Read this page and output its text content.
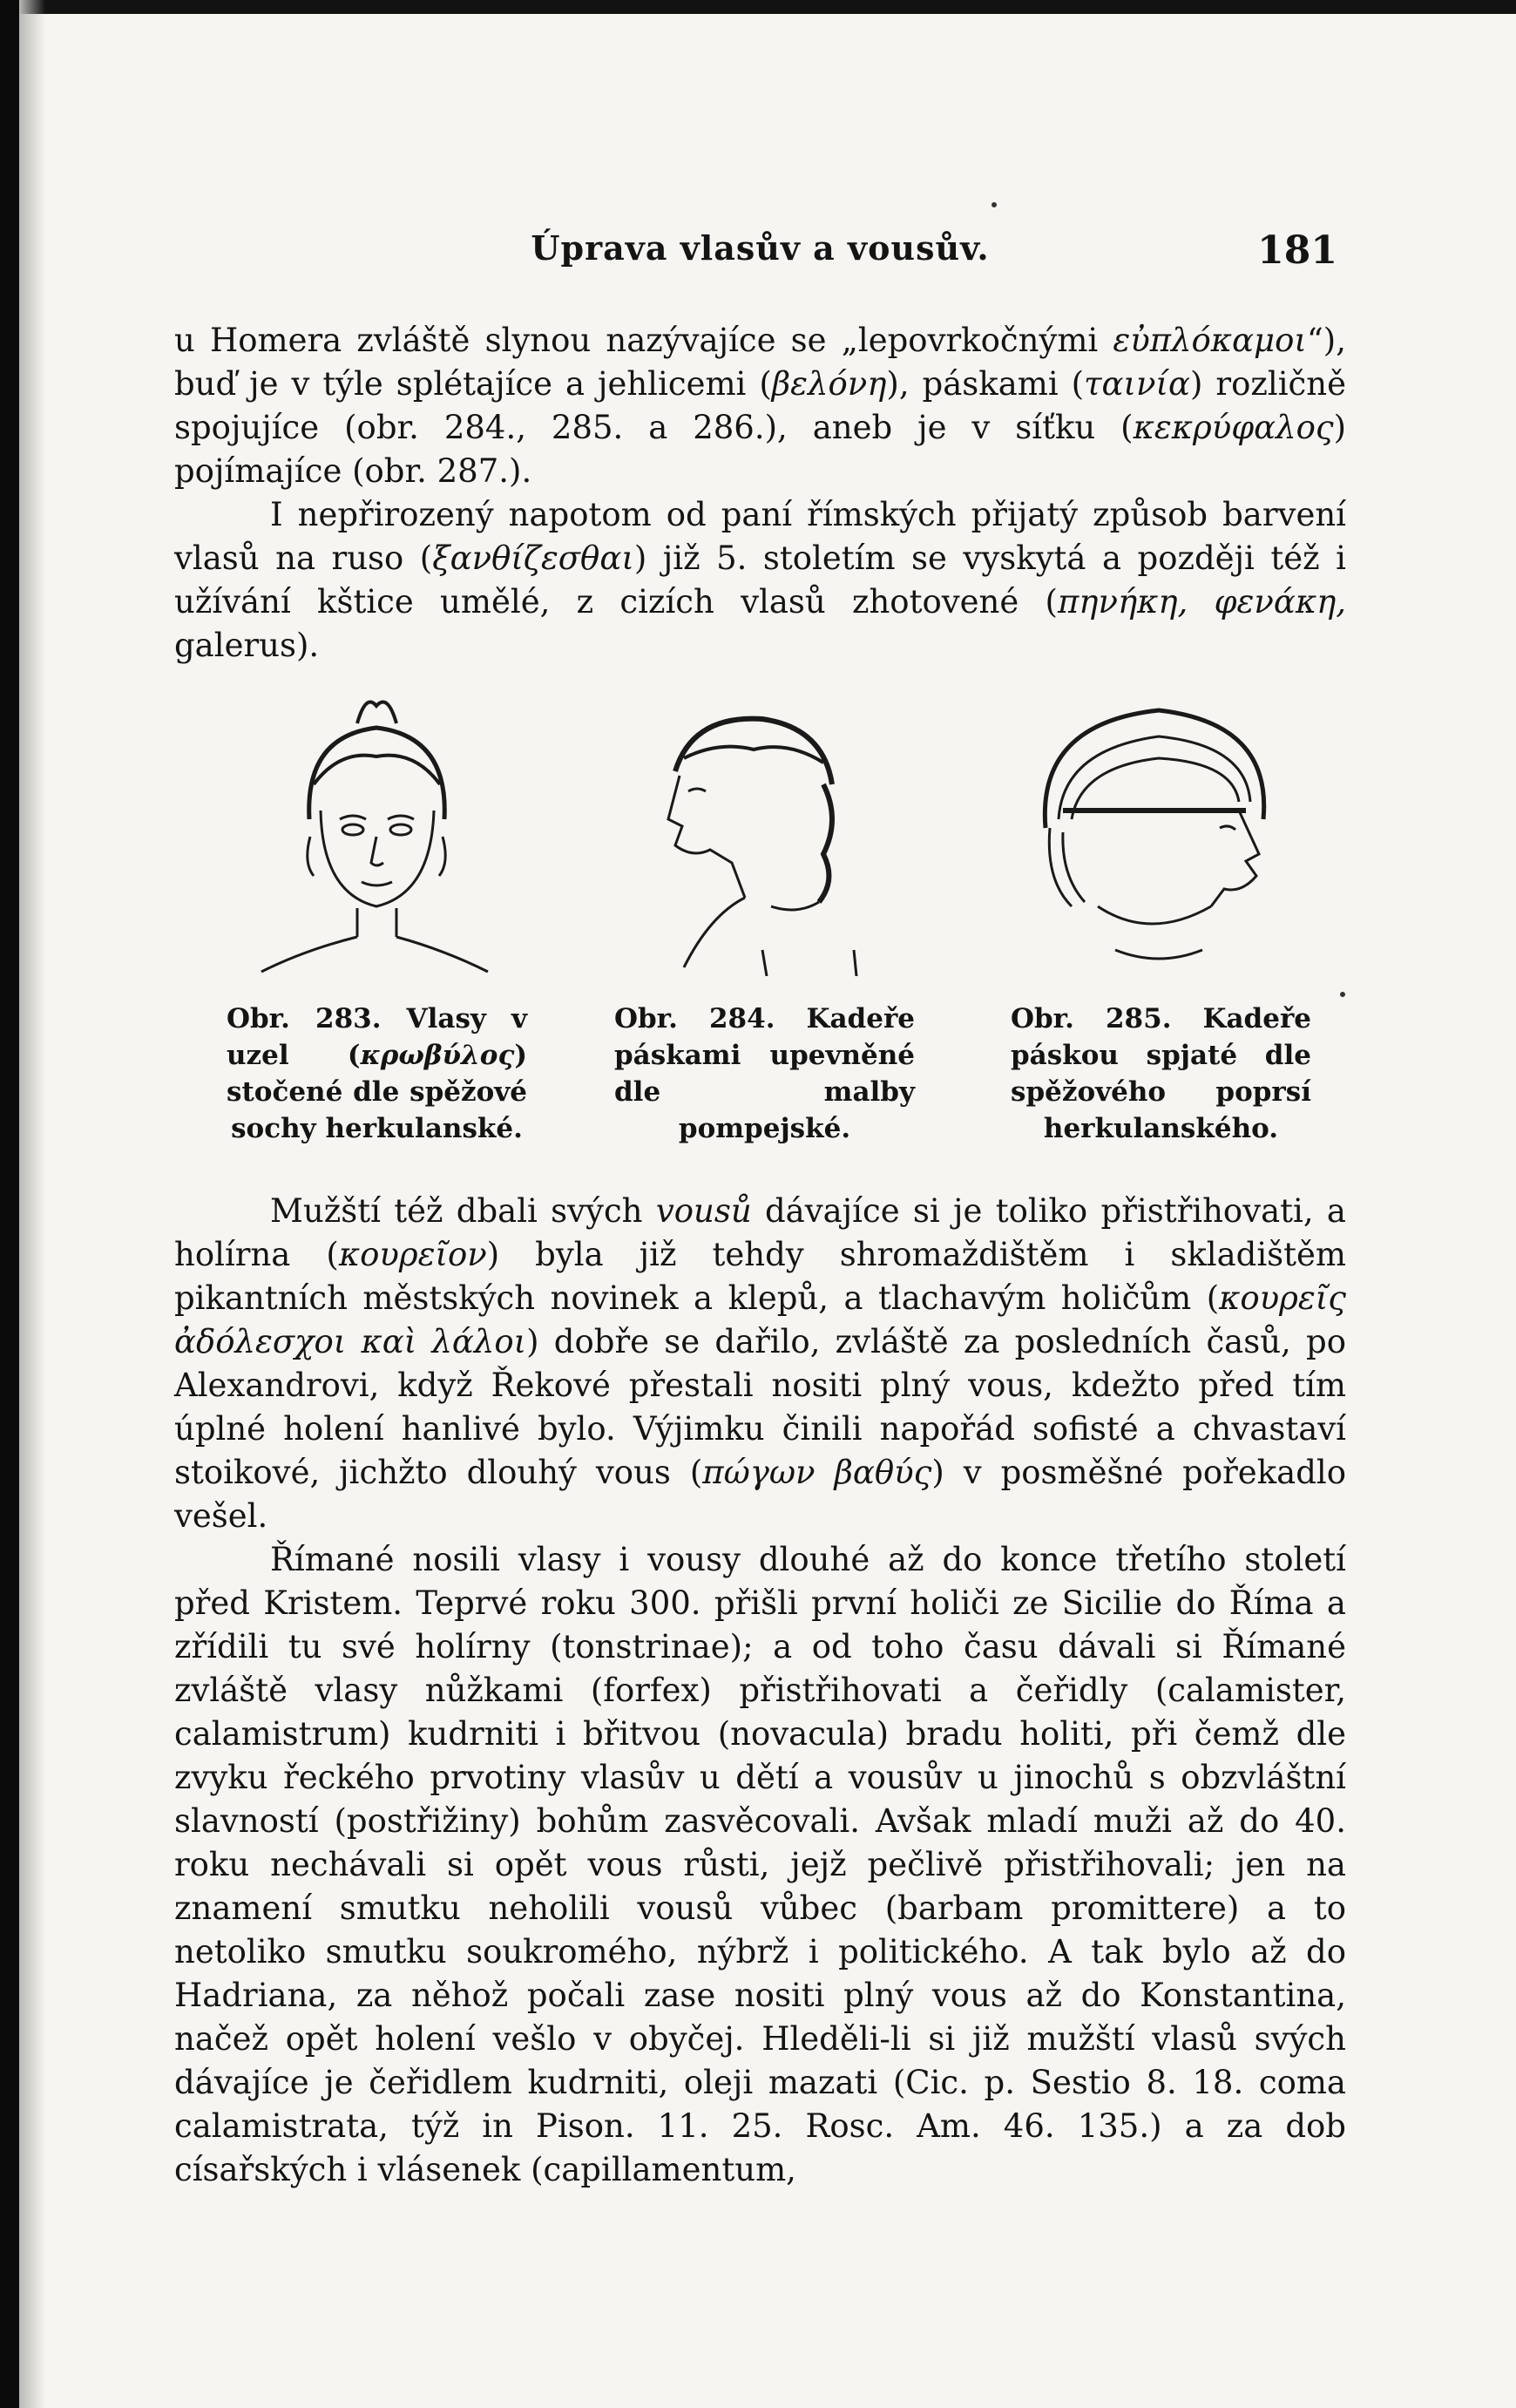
Úprava vlasův a vousův.	181

u Homera zvláště slynou nazývajíce se „lepovrkočnými εὐπλόκαμοι“), buď je v týle splétajíce a jehlicemi (βελόνη), páskami (ταινία) rozličně spojujíce (obr. 284., 285. a 286.), aneb je v síťku (κεκρύφαλος) pojímajíce (obr. 287.).

I nepřirozený napotom od paní římských přijatý způsob barvení vlasů na ruso (ξανθίζεσθαι) již 5. stoletím se vyskytá a později též i užívání kštice umělé, z cizích vlasů zhotovené (πηνήκη, φενάκη, galerus).

Obr. 283. Vlasy v uzel (κρωβύλος) stočené dle spěžové sochy herkulanské.
Obr. 284. Kadeře páskami upevněné dle malby pompejské.
Obr. 285. Kadeře páskou spjaté dle spěžového poprsí herkulanského.

Mužští též dbali svých vousů dávajíce si je toliko přistřihovati, a holírna (κουρεῖον) byla již tehdy shromaždištěm i skladištěm pikantních městských novinek a klepů, a tlachavým holičům (κουρεῖς ἀδόλεσχοι καὶ λάλοι) dobře se dařilo, zvláště za posledních časů, po Alexandrovi, když Řekové přestali nositi plný vous, kdežto před tím úplné holení hanlivé bylo. Výjimku činili napořád sofisté a chvastaví stoikové, jichžto dlouhý vous (πώγων βαθύς) v posměšné pořekadlo vešel.

Římané nosili vlasy i vousy dlouhé až do konce třetího století před Kristem. Teprvé roku 300. přišli první holiči ze Sicilie do Říma a zřídili tu své holírny (tonstrinae); a od toho času dávali si Římané zvláště vlasy nůžkami (forfex) přistřihovati a čeřidly (calamister, calamistrum) kudrniti i břitvou (novacula) bradu holiti, při čemž dle zvyku řeckého prvotiny vlasův u dětí a vousův u jinochů s obzvláštní slavností (postřižiny) bohům zasvěcovali. Avšak mladí muži až do 40. roku nechávali si opět vous růsti, jejž pečlivě přistřihovali; jen na znamení smutku neholili vousů vůbec (barbam promittere) a to netoliko smutku soukromého, nýbrž i politického. A tak bylo až do Hadriana, za něhož počali zase nositi plný vous až do Konstantina, načež opět holení vešlo v obyčej. Hleděli-li si již mužští vlasů svých dávajíce je čeřidlem kudrniti, oleji mazati (Cic. p. Sestio 8. 18. coma calamistrata, týž in Pison. 11. 25. Rosc. Am. 46. 135.) a za dob císařských i vlásenek (capillamentum,
